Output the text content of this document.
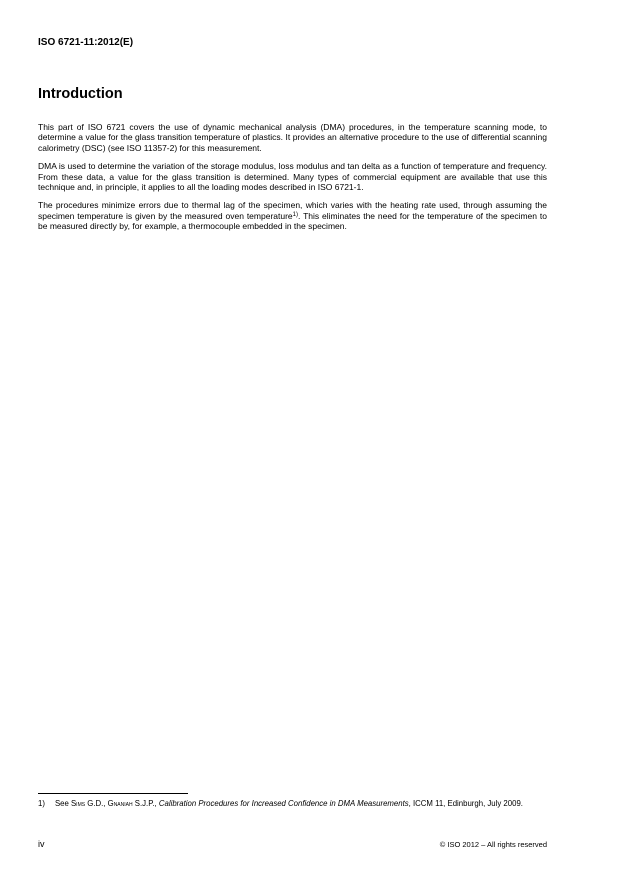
ISO 6721-11:2012(E)
Introduction

This part of ISO 6721 covers the use of dynamic mechanical analysis (DMA) procedures, in the temperature scanning mode, to determine a value for the glass transition temperature of plastics. It provides an alternative procedure to the use of differential scanning calorimetry (DSC) (see ISO 11357-2) for this measurement.

DMA is used to determine the variation of the storage modulus, loss modulus and tan delta as a function of temperature and frequency. From these data, a value for the glass transition is determined. Many types of commercial equipment are available that use this technique and, in principle, it applies to all the loading modes described in ISO 6721-1.

The procedures minimize errors due to thermal lag of the specimen, which varies with the heating rate used, through assuming the specimen temperature is given by the measured oven temperature$^{1)}$. This eliminates the need for the temperature of the specimen to be measured directly by, for example, a thermocouple embedded in the specimen.

1) See Sims G.D., Gnaniah S.J.P., Calibration Procedures for Increased Confidence in DMA Measurements, ICCM 11, Edinburgh, July 2009.
iv	© ISO 2012 – All rights reserved
